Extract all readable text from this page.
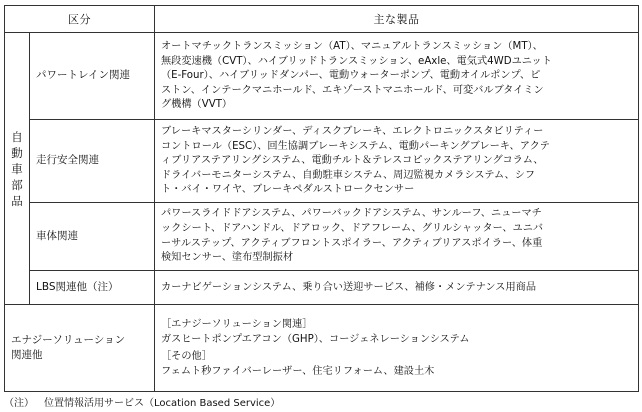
区分		主な製品

自
動
車
部
品	パワートレイン関連	オートマチックトランスミッション（AT）、マニュアルトランスミッション（MT）、
無段変速機（CVT）、ハイブリッドトランスミッション、eAxle、電気式4WDユニット
（E-Four）、ハイブリッドダンパー、電動ウォーターポンプ、電動オイルポンプ、ピ
ストン、インテークマニホールド、エキゾーストマニホールド、可変バルブタイミン
グ機構（VVT）

	走行安全関連	ブレーキマスターシリンダー、ディスクブレーキ、エレクトロニックスタビリティー
コントロール（ESC）、回生協調ブレーキシステム、電動パーキングブレーキ、アクテ
ィブリアステアリングシステム、電動チルト＆テレスコピックステアリングコラム、
ドライバーモニターシステム、自動駐車システム、周辺監視カメラシステム、シフ
ト・バイ・ワイヤ、ブレーキペダルストロークセンサー

	車体関連	パワースライドドアシステム、パワーバックドアシステム、サンルーフ、ニューマチ
ックシート、ドアハンドル、ドアロック、ドアフレーム、グリルシャッター、ユニバ
ーサルステップ、アクティブフロントスポイラー、アクティブリアスポイラー、体重
検知センサー、塗布型制振材

	LBS関連他（注）	カーナビゲーションシステム、乗り合い送迎サービス、補修・メンテナンス用商品

エナジーソリューション
関連他		［エナジーソリューション関連］
ガスヒートポンプエアコン（GHP）、コージェネレーションシステム
［その他］
フェムト秒ファイバーレーザー、住宅リフォーム、建設土木
（注） 位置情報活用サービス（Location Based Service）
